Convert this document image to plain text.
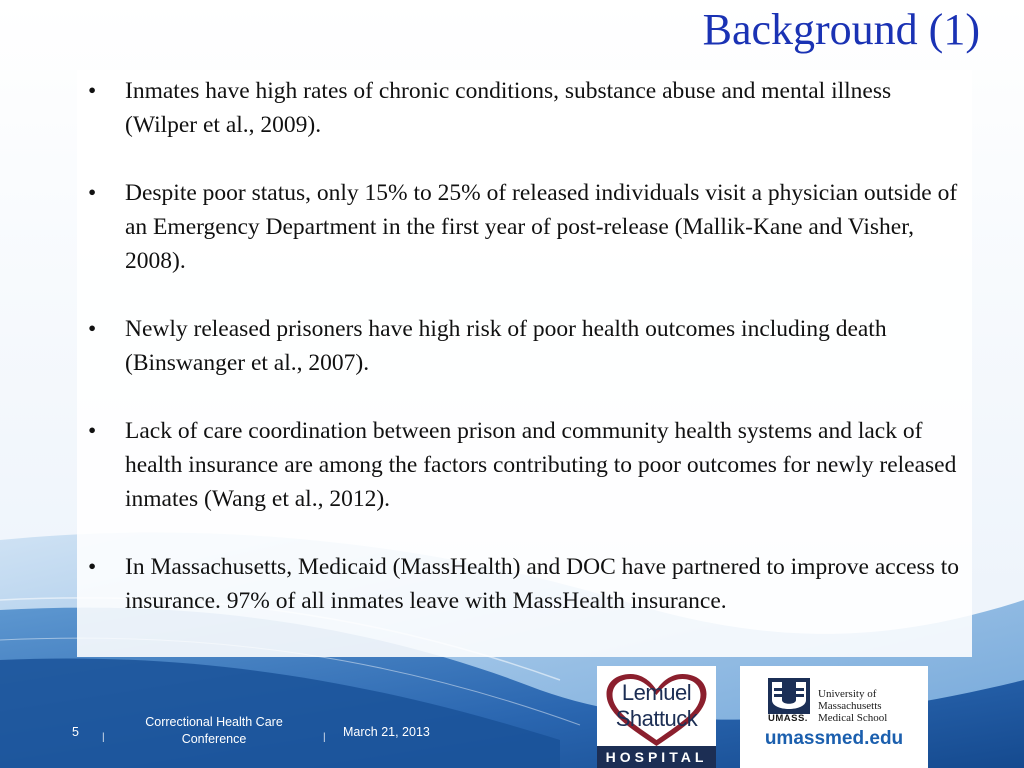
Background (1)
•	Inmates have high rates of chronic conditions, substance abuse and mental illness (Wilper et al., 2009).
•	Despite poor status, only 15% to 25% of released individuals visit a physician outside of an Emergency Department in the first year of post-release (Mallik-Kane and Visher, 2008).
•	Newly released prisoners have high risk of poor health outcomes including death (Binswanger et al., 2007).
•	Lack of care coordination between prison and community health systems and lack of health insurance are among the factors contributing to poor outcomes for newly released inmates (Wang et al., 2012).
•	In Massachusetts, Medicaid (MassHealth) and DOC have partnered to improve access to insurance. 97% of all inmates leave with MassHealth insurance.
5 |
Correctional Health Care Conference	| March 21, 2013
Lemuel
Shattuck
HOSPITAL
UMASS.
University of
Massachusetts
Medical School
umassmed.edu
